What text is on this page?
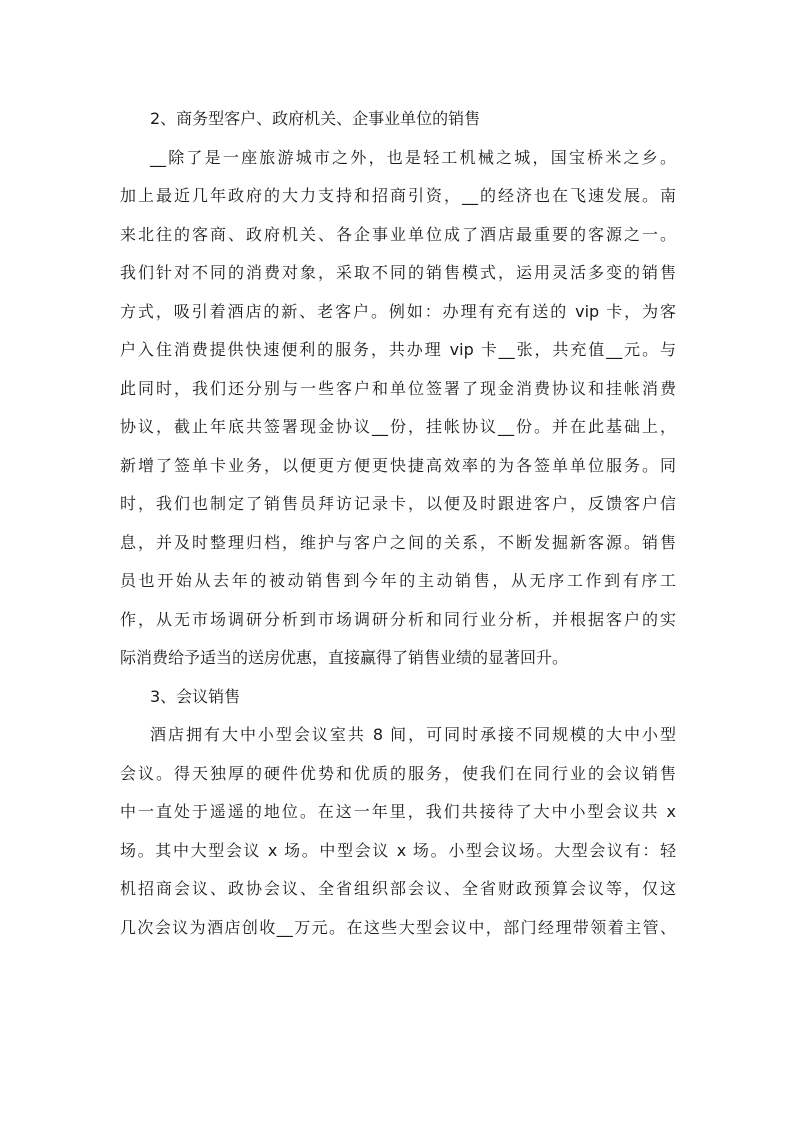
2、商务型客户、政府机关、企事业单位的销售
__除了是一座旅游城市之外，也是轻工机械之城，国宝桥米之乡。
加上最近几年政府的大力支持和招商引资，__的经济也在飞速发展。南
来北往的客商、政府机关、各企事业单位成了酒店最重要的客源之一。
我们针对不同的消费对象，采取不同的销售模式，运用灵活多变的销售
方式，吸引着酒店的新、老客户。例如：办理有充有送的 vip 卡，为客
户入住消费提供快速便利的服务，共办理 vip 卡__张，共充值__元。与
此同时，我们还分别与一些客户和单位签署了现金消费协议和挂帐消费
协议，截止年底共签署现金协议__份，挂帐协议__份。并在此基础上，
新增了签单卡业务，以便更方便更快捷高效率的为各签单单位服务。同
时，我们也制定了销售员拜访记录卡，以便及时跟进客户，反馈客户信
息，并及时整理归档，维护与客户之间的关系，不断发掘新客源。销售
员也开始从去年的被动销售到今年的主动销售，从无序工作到有序工
作，从无市场调研分析到市场调研分析和同行业分析，并根据客户的实
际消费给予适当的送房优惠，直接赢得了销售业绩的显著回升。
3、会议销售
酒店拥有大中小型会议室共 8 间，可同时承接不同规模的大中小型
会议。得天独厚的硬件优势和优质的服务，使我们在同行业的会议销售
中一直处于遥遥的地位。在这一年里，我们共接待了大中小型会议共 x
场。其中大型会议 x 场。中型会议 x 场。小型会议场。大型会议有：轻
机招商会议、政协会议、全省组织部会议、全省财政预算会议等，仅这
几次会议为酒店创收__万元。在这些大型会议中，部门经理带领着主管、
